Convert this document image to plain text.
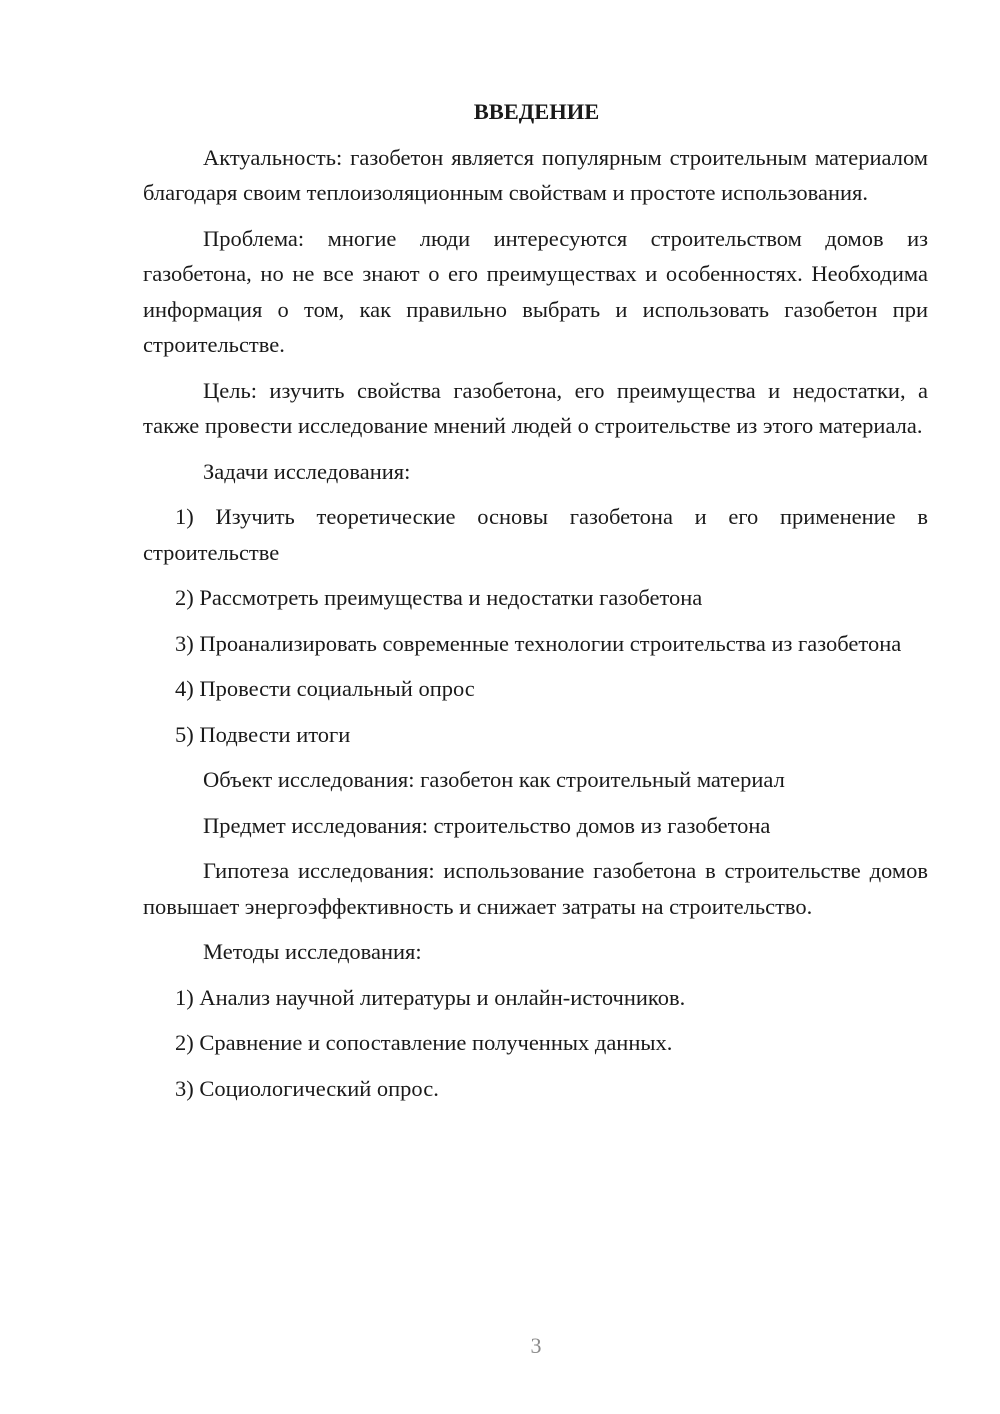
ВВЕДЕНИЕ

Актуальность: газобетон является популярным строительным материалом благодаря своим теплоизоляционным свойствам и простоте использования.

Проблема: многие люди интересуются строительством домов из газобетона, но не все знают о его преимуществах и особенностях. Необходима информация о том, как правильно выбрать и использовать газобетон при строительстве.

Цель: изучить свойства газобетона, его преимущества и недостатки, а также провести исследование мнений людей о строительстве из этого материала.

Задачи исследования:

1) Изучить теоретические основы газобетона и его применение в строительстве

2) Рассмотреть преимущества и недостатки газобетона

3) Проанализировать современные технологии строительства из газобетона

4) Провести социальный опрос

5) Подвести итоги

Объект исследования: газобетон как строительный материал

Предмет исследования: строительство домов из газобетона

Гипотеза исследования: использование газобетона в строительстве домов повышает энергоэффективность и снижает затраты на строительство.

Методы исследования:

1) Анализ научной литературы и онлайн-источников.

2) Сравнение и сопоставление полученных данных.

3) Социологический опрос.

3
